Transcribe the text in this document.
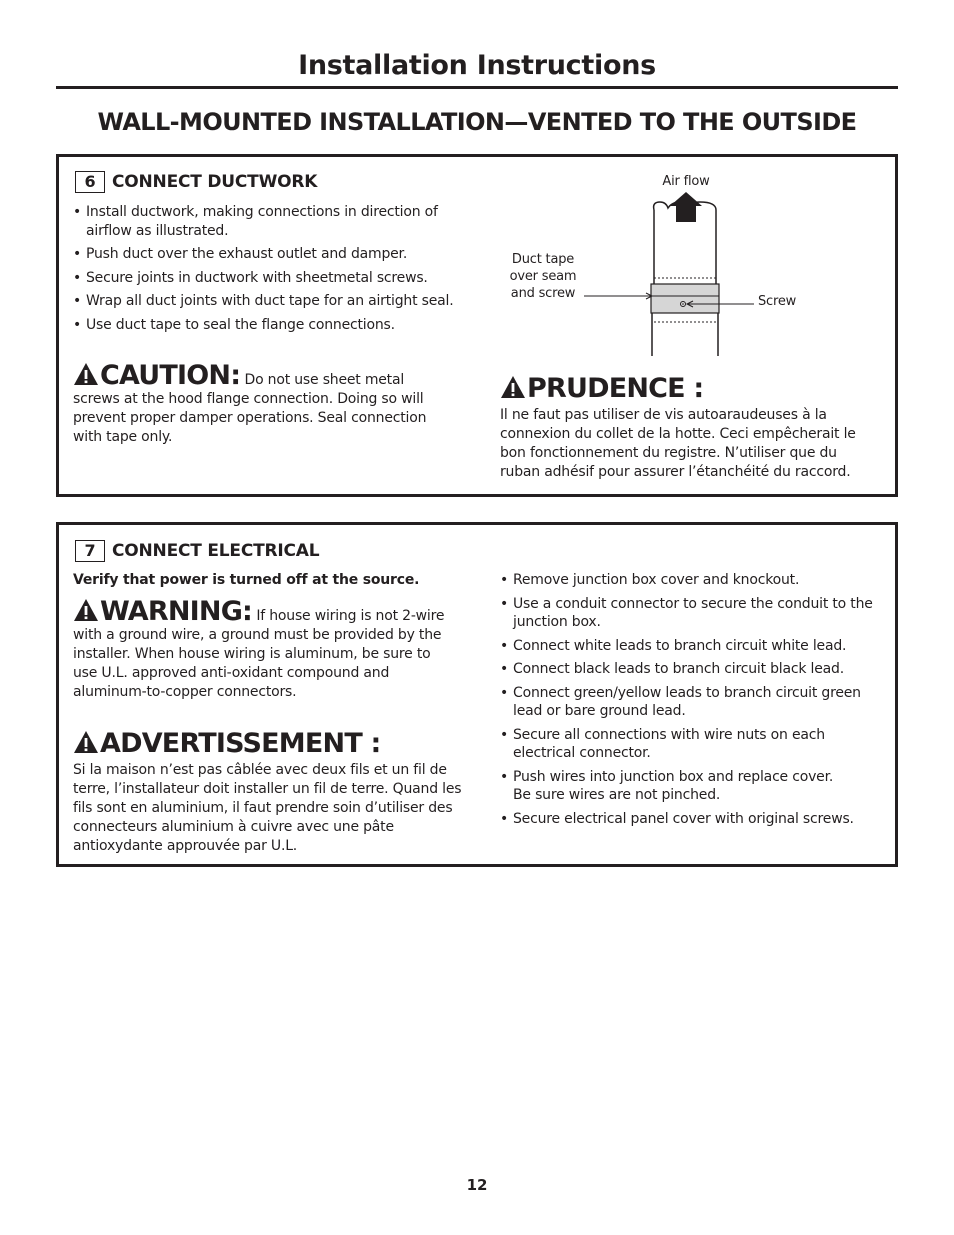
Installation Instructions
WALL-MOUNTED INSTALLATION—VENTED TO THE OUTSIDE
6 CONNECT DUCTWORK
• Install ductwork, making connections in direction of airflow as illustrated.
• Push duct over the exhaust outlet and damper.
• Secure joints in ductwork with sheetmetal screws.
• Wrap all duct joints with duct tape for an airtight seal.
• Use duct tape to seal the flange connections.
CAUTION: Do not use sheet metal screws at the hood flange connection. Doing so will prevent proper damper operations. Seal connection with tape only.
PRUDENCE :
Il ne faut pas utiliser de vis autoaraudeuses à la connexion du collet de la hotte. Ceci empêcherait le bon fonctionnement du registre. N’utiliser que du ruban adhésif pour assurer l’étanchéité du raccord.
Air flow
Duct tape
over seam
and screw
Screw
7 CONNECT ELECTRICAL
Verify that power is turned off at the source.
WARNING: If house wiring is not 2-wire with a ground wire, a ground must be provided by the installer. When house wiring is aluminum, be sure to
use U.L. approved anti-oxidant compound and aluminum-to-copper connectors.
ADVERTISSEMENT :
Si la maison n’est pas câblée avec deux fils et un fil de terre, l’installateur doit installer un fil de terre. Quand les fils sont en aluminium, il faut prendre soin d’utiliser des connecteurs aluminium à cuivre avec une pâte antioxydante approuvée par U.L.
• Remove junction box cover and knockout.
• Use a conduit connector to secure the conduit to the junction box.
• Connect white leads to branch circuit white lead.
• Connect black leads to branch circuit black lead.
• Connect green/yellow leads to branch circuit green lead or bare ground lead.
• Secure all connections with wire nuts on each electrical connector.
• Push wires into junction box and replace cover.
Be sure wires are not pinched.
• Secure electrical panel cover with original screws.
12
